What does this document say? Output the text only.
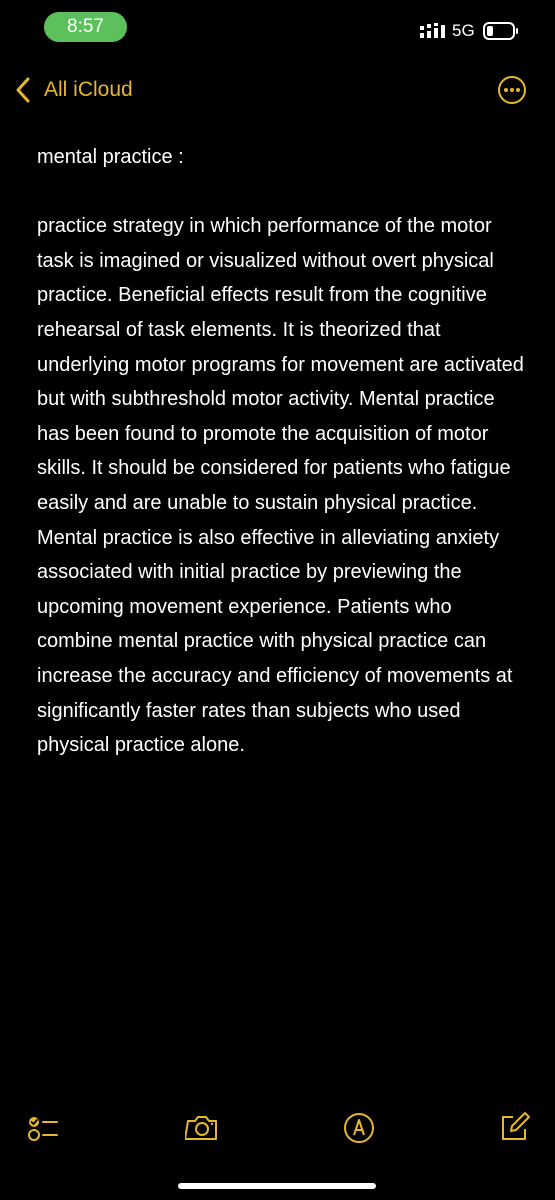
8:57	5G
All iCloud

mental practice :

practice strategy in which performance of the motor task is imagined or visualized without overt physical practice. Beneficial effects result from the cognitive rehearsal of task elements. It is theorized that underlying motor programs for movement are activated but with subthreshold motor activity. Mental practice has been found to promote the acquisition of motor skills. It should be considered for patients who fatigue easily and are unable to sustain physical practice. Mental practice is also effective in alleviating anxiety associated with initial practice by previewing the upcoming movement experience. Patients who combine mental practice with physical practice can increase the accuracy and efficiency of movements at significantly faster rates than subjects who used physical practice alone.
